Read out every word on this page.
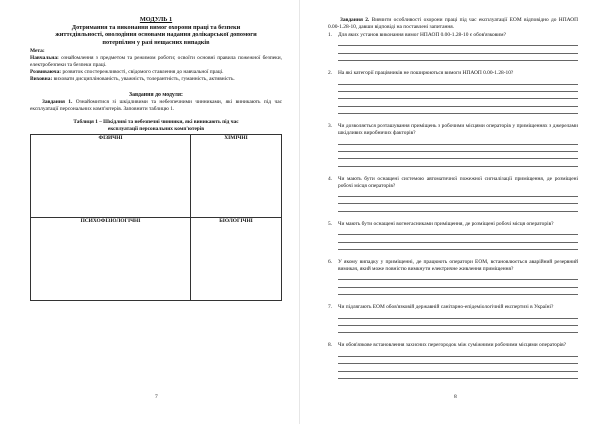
МОДУЛЬ 1
Дотримання та виконання вимог охорони праці та безпеки
життєдіяльності, оволодіння основами надання долікарської допомоги
потерпілим у разі нещасних випадків

Мета:

Навчальна: ознайомлення з предметом та режимом роботи; освоїти основні правила пожежної безпеки, електробезпеки та безпеки праці.

Розвиваюча: розвиток спостережливості, свідомого ставлення до навчальної праці.

Виховна: виховати дисциплінованість, уважність, толерантність, гуманність, активність.

Завдання до модуля:

Завдання 1. Ознайомитися зі шкідливими та небезпечними чинниками, які виникають під час експлуатації персональних комп'ютерів. Заповнити таблицю 1.

Таблиця 1 – Шкідливі та небезпечні чинники, які виникають під час
експлуатації персональних комп'ютерів
ФІЗИЧНІ	ХІМІЧНІ
ПСИХОФІЗІОЛОГІЧНІ	БІОЛОГІЧНІ
7

Завдання 2. Вивчити особливості охорони праці під час експлуатації ЕОМ відповідно до НПАОП 0.00-1.28-10, давши відповіді на поставлені запитання.

1.	Для яких установ виконання вимог НПАОП 0.00-1.28-10 є обов'язковим?
2.	На які категорії працівників не поширюються вимоги НПАОП 0.00-1.28-10?
3.	Чи дозволяється розташування приміщень з робочими місцями операторів у приміщеннях з джерелами шкідливих виробничих факторів?
4.	Чи мають бути оснащені системою автоматичної пожежної сигналізації приміщення, де розміщені робочі місця операторів?
5.	Чи мають бути оснащені вогнегасниками приміщення, де розміщені робочі місця операторів?
6.	У якому випадку у приміщенні, де працюють оператори ЕОМ, встановлюється аварійний резервний вимикач, який може повністю вимкнути електричне живлення приміщення?
7.	Чи підлягають ЕОМ обов'язковій державній санітарно-епідеміологічній експертизі в Україні?
8.	Чи обов'язкове встановлення захисних перегородок між суміжними робочими місцями операторів?
8
